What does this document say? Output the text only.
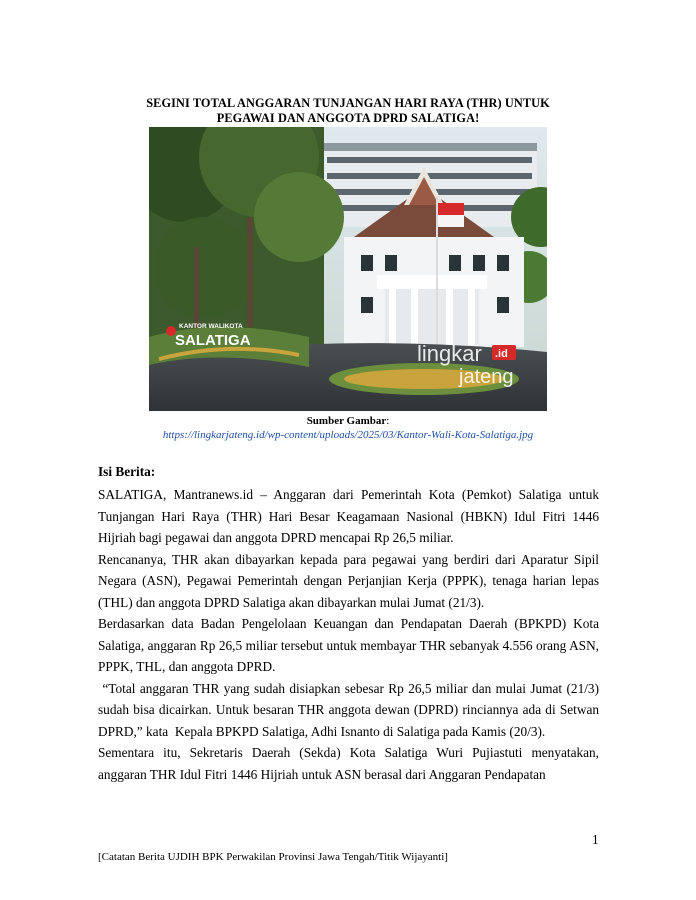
SEGINI TOTAL ANGGARAN TUNJANGAN HARI RAYA (THR) UNTUK
PEGAWAI DAN ANGGOTA DPRD SALATIGA!
KANTOR WALIKOTA
SALATIGA
lingkar .id
jateng
Sumber Gambar:
https://lingkarjateng.id/wp-content/uploads/2025/03/Kantor-Wali-Kota-Salatiga.jpg
Isi Berita:

SALATIGA, Mantranews.id – Anggaran dari Pemerintah Kota (Pemkot) Salatiga untuk Tunjangan Hari Raya (THR) Hari Besar Keagamaan Nasional (HBKN) Idul Fitri 1446 Hijriah bagi pegawai dan anggota DPRD mencapai Rp 26,5 miliar.

Rencananya, THR akan dibayarkan kepada para pegawai yang berdiri dari Aparatur Sipil Negara (ASN), Pegawai Pemerintah dengan Perjanjian Kerja (PPPK), tenaga harian lepas (THL) dan anggota DPRD Salatiga akan dibayarkan mulai Jumat (21/3).

Berdasarkan data Badan Pengelolaan Keuangan dan Pendapatan Daerah (BPKPD) Kota Salatiga, anggaran Rp 26,5 miliar tersebut untuk membayar THR sebanyak 4.556 orang ASN, PPPK, THL, dan anggota DPRD.

“Total anggaran THR yang sudah disiapkan sebesar Rp 26,5 miliar dan mulai Jumat (21/3) sudah bisa dicairkan. Untuk besaran THR anggota dewan (DPRD) rinciannya ada di Setwan DPRD,” kata  Kepala BPKPD Salatiga, Adhi Isnanto di Salatiga pada Kamis (20/3).

Sementara itu, Sekretaris Daerah (Sekda) Kota Salatiga Wuri Pujiastuti menyatakan, anggaran THR Idul Fitri 1446 Hijriah untuk ASN berasal dari Anggaran Pendapatan

1
[Catatan Berita UJDIH BPK Perwakilan Provinsi Jawa Tengah/Titik Wijayanti]
